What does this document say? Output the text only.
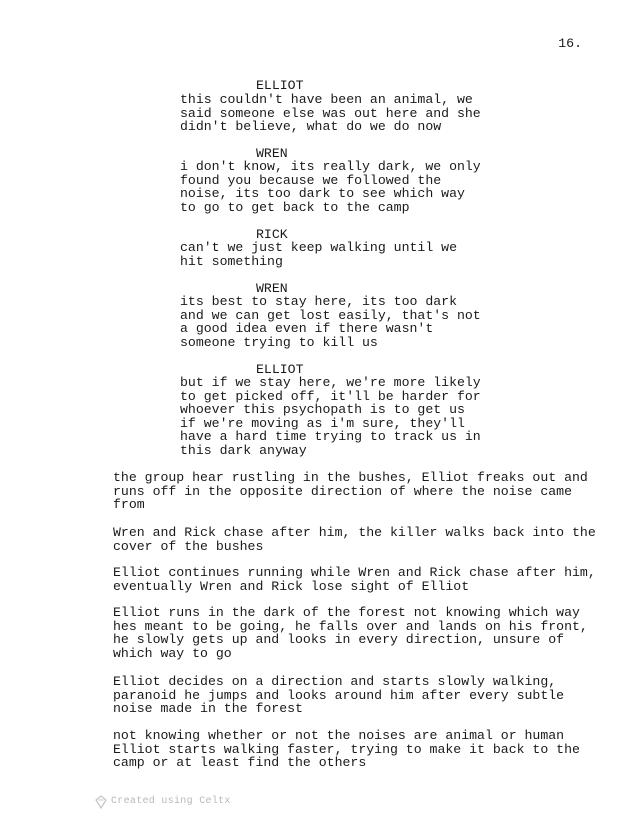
16.
ELLIOT
this couldn't have been an animal, we
said someone else was out here and she
didn't believe, what do we do now
WREN
i don't know, its really dark, we only
found you because we followed the
noise, its too dark to see which way
to go to get back to the camp
RICK
can't we just keep walking until we
hit something
WREN
its best to stay here, its too dark
and we can get lost easily, that's not
a good idea even if there wasn't
someone trying to kill us
ELLIOT
but if we stay here, we're more likely
to get picked off, it'll be harder for
whoever this psychopath is to get us
if we're moving as i'm sure, they'll
have a hard time trying to track us in
this dark anyway
the group hear rustling in the bushes, Elliot freaks out and
runs off in the opposite direction of where the noise came
from
Wren and Rick chase after him, the killer walks back into the
cover of the bushes
Elliot continues running while Wren and Rick chase after him,
eventually Wren and Rick lose sight of Elliot
Elliot runs in the dark of the forest not knowing which way
hes meant to be going, he falls over and lands on his front,
he slowly gets up and looks in every direction, unsure of
which way to go
Elliot decides on a direction and starts slowly walking,
paranoid he jumps and looks around him after every subtle
noise made in the forest
not knowing whether or not the noises are animal or human
Elliot starts walking faster, trying to make it back to the
camp or at least find the others
Created using Celtx
